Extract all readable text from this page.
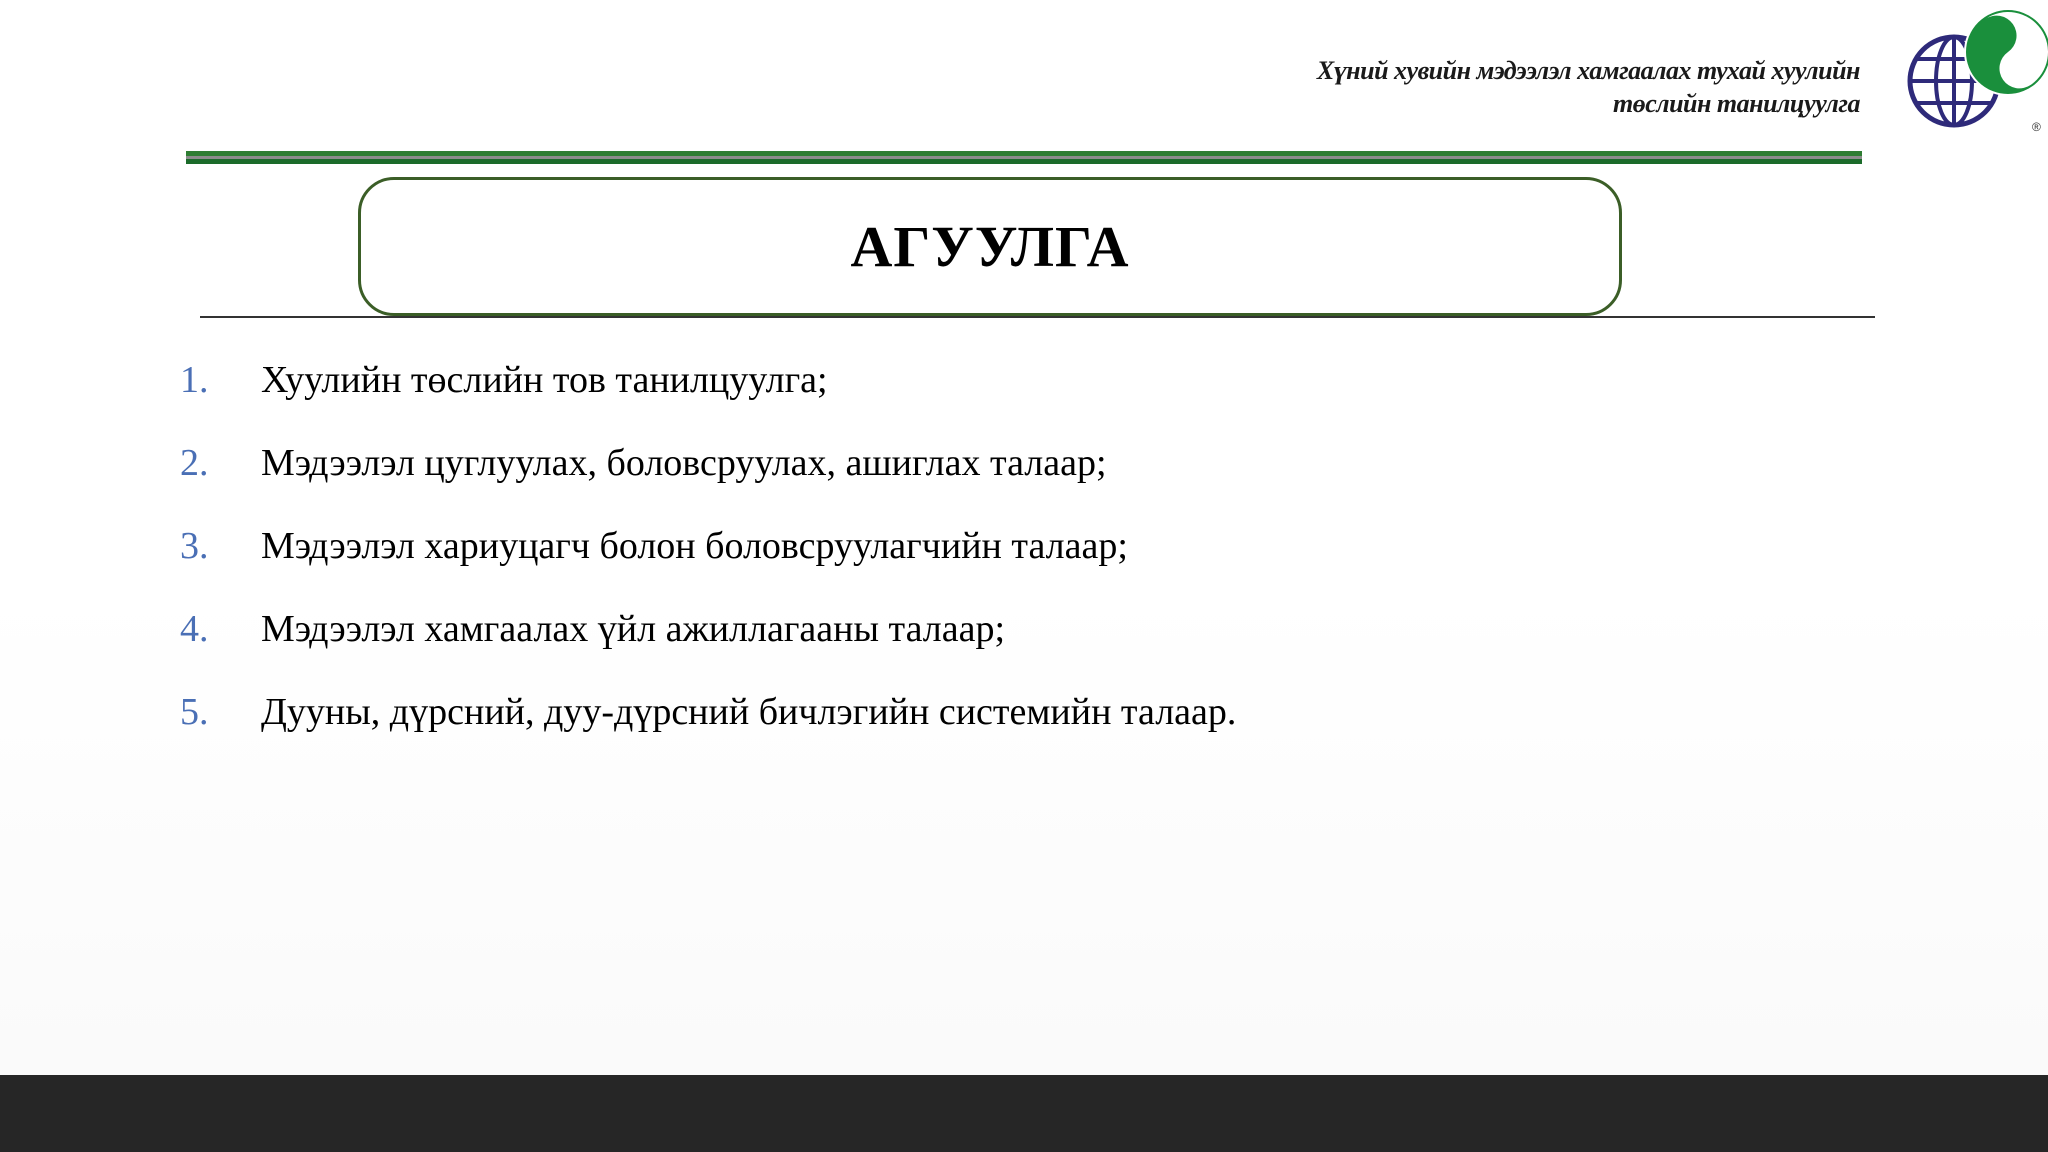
Хүний хувийн мэдээлэл хамгаалах тухай хуулийн
төслийн танилцуулга
®
АГУУЛГА
1.	Хуулийн төслийн тов танилцуулга;
2.	Мэдээлэл цуглуулах, боловсруулах, ашиглах талаар;
3.	Мэдээлэл хариуцагч болон боловсруулагчийн талаар;
4.	Мэдээлэл хамгаалах үйл ажиллагааны талаар;
5.	Дууны, дүрсний, дуу-дүрсний бичлэгийн системийн талаар.
